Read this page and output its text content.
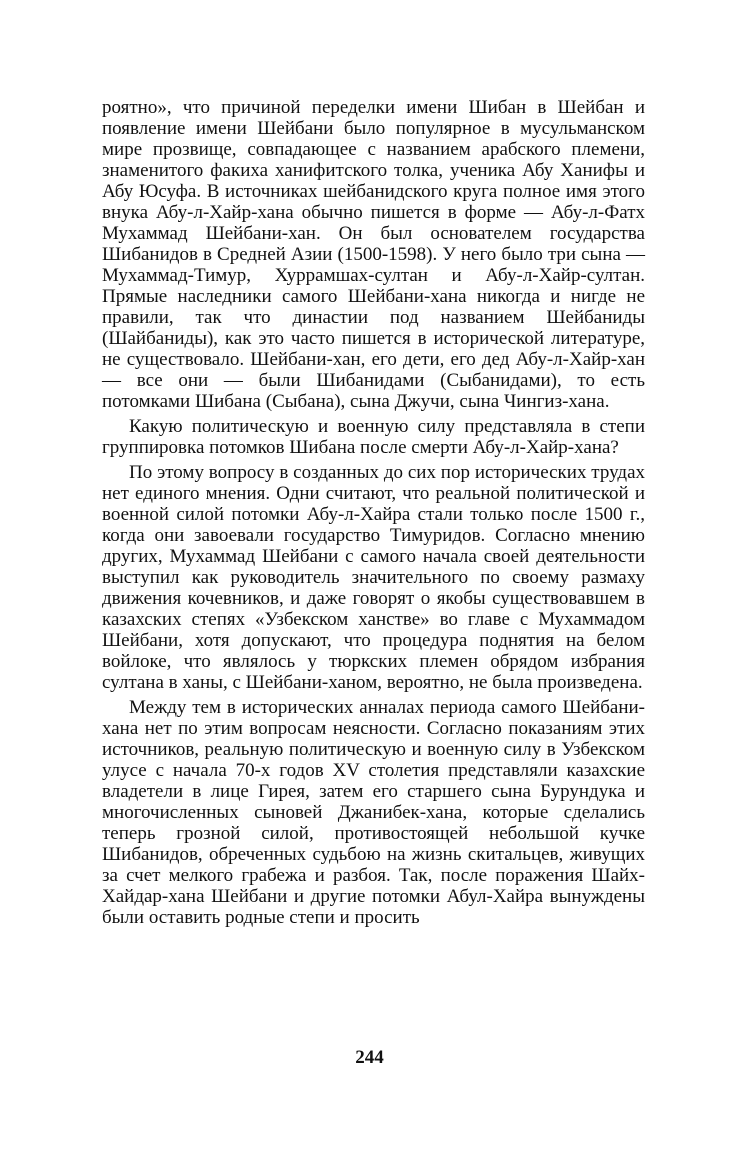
роятно», что причиной переделки имени Шибан в Шейбан и появление имени Шейбани было популярное в мусульманском мире прозвище, совпадающее с названием арабского племени, знаменитого факиха ханифитского толка, ученика Абу Ханифы и Абу Юсуфа. В источниках шейбанидского круга полное имя этого внука Абу-л-Хайр-хана обычно пишется в форме — Абу-л-Фатх Мухаммад Шейбани-хан. Он был основателем государства Шибанидов в Средней Азии (1500-1598). У него было три сына — Мухаммад-Тимур, Хуррамшах-султан и Абу-л-Хайр-султан. Прямые наследники самого Шейбани-хана никогда и нигде не правили, так что династии под названием Шейбаниды (Шайбаниды), как это часто пишется в исторической литературе, не существовало. Шейбани-хан, его дети, его дед Абу-л-Хайр-хан — все они — были Шибанидами (Сыбанидами), то есть потомками Шибана (Сыбана), сына Джучи, сына Чингиз-хана.

Какую политическую и военную силу представляла в степи группировка потомков Шибана после смерти Абу-л-Хайр-хана?

По этому вопросу в созданных до сих пор исторических трудах нет единого мнения. Одни считают, что реальной политической и военной силой потомки Абу-л-Хайра стали только после 1500 г., когда они завоевали государство Тимуридов. Согласно мнению других, Мухаммад Шейбани с самого начала своей деятельности выступил как руководитель значительного по своему размаху движения кочевников, и даже говорят о якобы существовавшем в казахских степях «Узбекском ханстве» во главе с Мухаммадом Шейбани, хотя допускают, что процедура поднятия на белом войлоке, что являлось у тюркских племен обрядом избрания султана в ханы, с Шейбани-ханом, вероятно, не была произведена.

Между тем в исторических анналах периода самого Шейбани-хана нет по этим вопросам неясности. Согласно показаниям этих источников, реальную политическую и военную силу в Узбекском улусе с начала 70-х годов XV столетия представляли казахские владетели в лице Гирея, затем его старшего сына Бурундука и многочисленных сыновей Джанибек-хана, которые сделались теперь грозной силой, противостоящей небольшой кучке Шибанидов, обреченных судьбою на жизнь скитальцев, живущих за счет мелкого грабежа и разбоя. Так, после поражения Шайх-Хайдар-хана Шейбани и другие потомки Абул-Хайра вынуждены были оставить родные степи и просить

244
